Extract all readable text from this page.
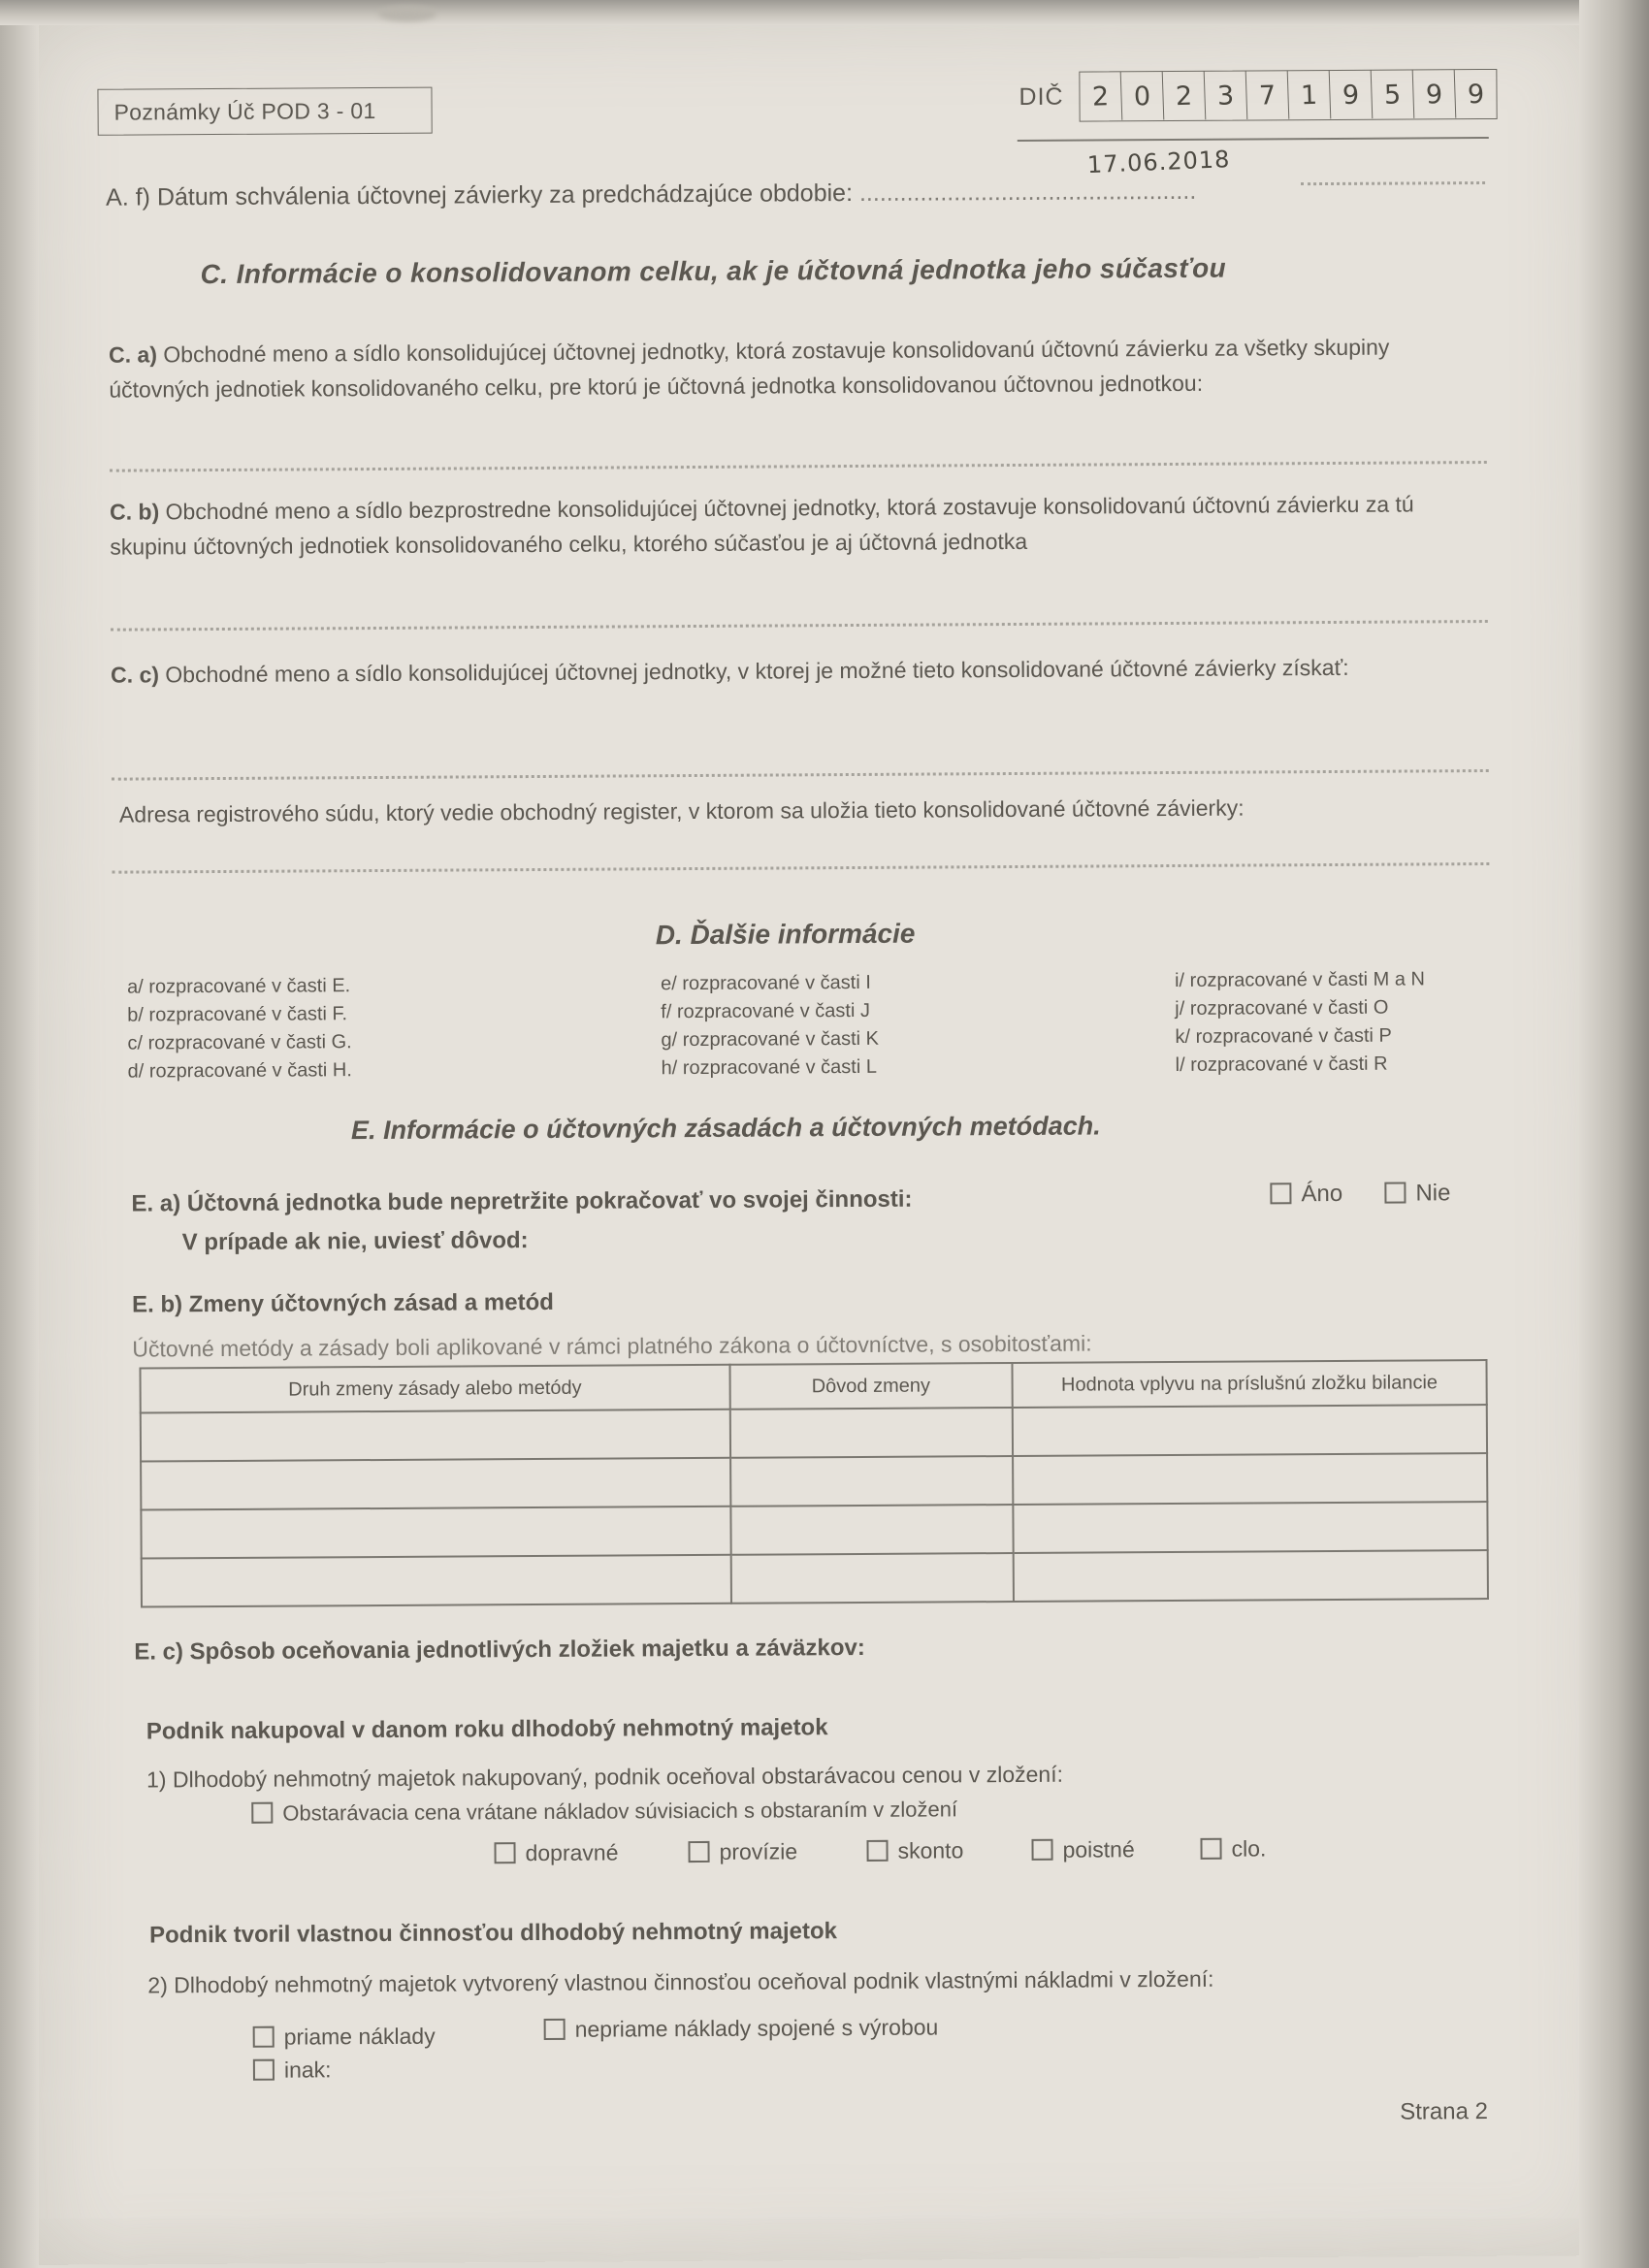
Poznámky Úč POD 3 - 01
DIČ	2 0 2 3 7 1 9 5 9 9
17.06.2018
A. f) Dátum schválenia účtovnej závierky za predchádzajúce obdobie: ..................................................
C. Informácie o konsolidovanom celku, ak je účtovná jednotka jeho súčasťou
C. a) Obchodné meno a sídlo konsolidujúcej účtovnej jednotky, ktorá zostavuje konsolidovanú účtovnú závierku za všetky skupiny účtovných jednotiek konsolidovaného celku, pre ktorú je účtovná jednotka konsolidovanou účtovnou jednotkou:
C. b) Obchodné meno a sídlo bezprostredne konsolidujúcej účtovnej jednotky, ktorá zostavuje konsolidovanú účtovnú závierku za tú skupinu účtovných jednotiek konsolidovaného celku, ktorého súčasťou je aj účtovná jednotka
C. c) Obchodné meno a sídlo konsolidujúcej účtovnej jednotky, v ktorej je možné tieto konsolidované účtovné závierky získať:
Adresa registrového súdu, ktorý vedie obchodný register, v ktorom sa uložia tieto konsolidované účtovné závierky:
D. Ďalšie informácie
a/ rozpracované v časti E.
b/ rozpracované v časti F.
c/ rozpracované v časti G.
d/ rozpracované v časti H.
e/ rozpracované v časti I
f/ rozpracované v časti J
g/ rozpracované v časti K
h/ rozpracované v časti L
i/ rozpracované v časti M a N
j/ rozpracované v časti O
k/ rozpracované v časti P
l/ rozpracované v časti R
E. Informácie o účtovných zásadách a účtovných metódach.
E. a) Účtovná jednotka bude nepretržite pokračovať vo svojej činnosti:
V prípade ak nie, uviesť dôvod:
Áno	Nie
E. b) Zmeny účtovných zásad a metód
Účtovné metódy a zásady boli aplikované v rámci platného zákona o účtovníctve, s osobitosťami:
Druh zmeny zásady alebo metódy	Dôvod zmeny	Hodnota vplyvu na príslušnú zložku bilancie

E. c) Spôsob oceňovania jednotlivých zložiek majetku a záväzkov:
Podnik nakupoval v danom roku dlhodobý nehmotný majetok
1) Dlhodobý nehmotný majetok nakupovaný, podnik oceňoval obstarávacou cenou v zložení:
Obstarávacia cena vrátane nákladov súvisiacich s obstaraním v zložení
dopravné	provízie	skonto	poistné	clo.
Podnik tvoril vlastnou činnosťou dlhodobý nehmotný majetok
2) Dlhodobý nehmotný majetok vytvorený vlastnou činnosťou oceňoval podnik vlastnými nákladmi v zložení:
priame náklady	nepriame náklady spojené s výrobou
inak:
Strana 2
